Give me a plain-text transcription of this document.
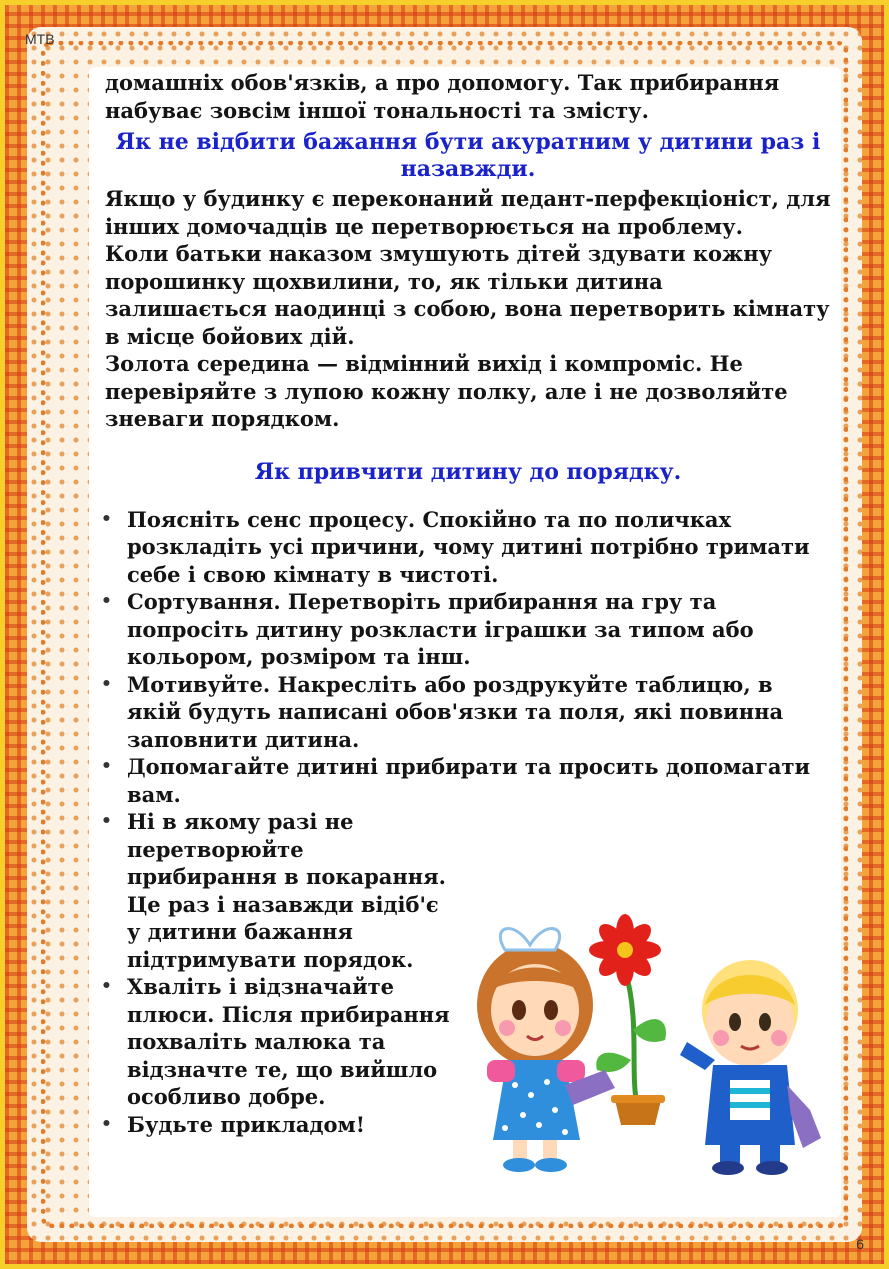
МТВ
6

домашніх обов'язків, а про допомогу. Так прибирання набуває зовсім іншої тональності та змісту.

Як не відбити бажання бути акуратним у дитини раз і назавжди.

Якщо у будинку є переконаний педант-перфекціоніст, для інших домочадців це перетворюється на проблему.

Коли батьки наказом змушують дітей здувати кожну порошинку щохвилини, то, як тільки дитина залишається наодинці з собою, вона перетворить кімнату в місце бойових дій.

Золота середина — відмінний вихід і компроміс. Не перевіряйте з лупою кожну полку, але і не дозволяйте зневаги порядком.

Як привчити дитину до порядку.
• Поясніть сенс процесу. Спокійно та по поличках розкладіть усі причини, чому дитині потрібно тримати себе і свою кімнату в чистоті.
• Сортування. Перетворіть прибирання на гру та попросіть дитину розкласти іграшки за типом або кольором, розміром та інш.
• Мотивуйте. Накресліть або роздрукуйте таблицю, в якій будуть написані обов'язки та поля, які повинна заповнити дитина.
• Допомагайте дитині прибирати та просить допомагати вам.
• Ні в якому разі не перетворюйте прибирання в покарання. Це раз і назавжди відіб'є у дитини бажання підтримувати порядок.
• Хваліть і відзначайте плюси. Після прибирання похваліть малюка та відзначте те, що вийшло особливо добре.
• Будьте прикладом!
